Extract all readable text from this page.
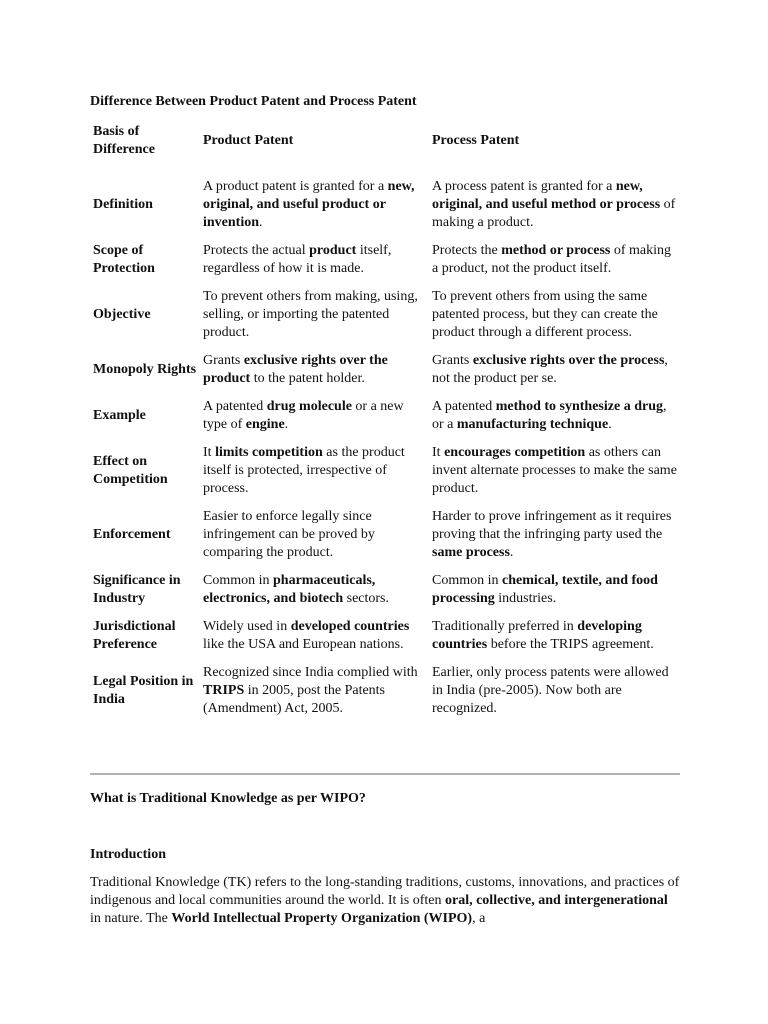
Difference Between Product Patent and Process Patent
Basis of Difference	Product Patent	Process Patent
Definition	A product patent is granted for a new, original, and useful product or invention.	A process patent is granted for a new, original, and useful method or process of making a product.
Scope of Protection	Protects the actual product itself, regardless of how it is made.	Protects the method or process of making a product, not the product itself.
Objective	To prevent others from making, using, selling, or importing the patented product.	To prevent others from using the same patented process, but they can create the product through a different process.
Monopoly Rights	Grants exclusive rights over the product to the patent holder.	Grants exclusive rights over the process, not the product per se.
Example	A patented drug molecule or a new type of engine.	A patented method to synthesize a drug, or a manufacturing technique.
Effect on Competition	It limits competition as the product itself is protected, irrespective of process.	It encourages competition as others can invent alternate processes to make the same product.
Enforcement	Easier to enforce legally since infringement can be proved by comparing the product.	Harder to prove infringement as it requires proving that the infringing party used the same process.
Significance in Industry	Common in pharmaceuticals, electronics, and biotech sectors.	Common in chemical, textile, and food processing industries.
Jurisdictional Preference	Widely used in developed countries like the USA and European nations.	Traditionally preferred in developing countries before the TRIPS agreement.
Legal Position in India	Recognized since India complied with TRIPS in 2005, post the Patents (Amendment) Act, 2005.	Earlier, only process patents were allowed in India (pre-2005). Now both are recognized.
What is Traditional Knowledge as per WIPO?
Introduction

Traditional Knowledge (TK) refers to the long-standing traditions, customs, innovations, and practices of indigenous and local communities around the world. It is often oral, collective, and intergenerational in nature. The World Intellectual Property Organization (WIPO), a
